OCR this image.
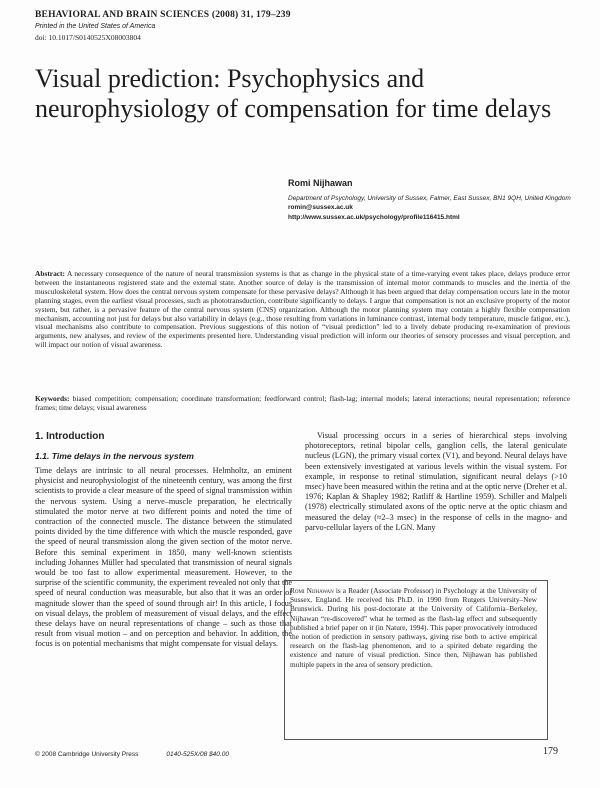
BEHAVIORAL AND BRAIN SCIENCES (2008) 31, 179–239
Printed in the United States of America
doi: 10.1017/S0140525X08003804
Visual prediction: Psychophysics and neurophysiology of compensation for time delays
Romi Nijhawan
Department of Psychology, University of Sussex, Falmer, East Sussex, BN1 9QH, United Kingdom
romin@sussex.ac.uk
http://www.sussex.ac.uk/psychology/profile116415.html
Abstract: A necessary consequence of the nature of neural transmission systems is that as change in the physical state of a time-varying event takes place, delays produce error between the instantaneous registered state and the external state. Another source of delay is the transmission of internal motor commands to muscles and the inertia of the musculoskeletal system. How does the central nervous system compensate for these pervasive delays? Although it has been argued that delay compensation occurs late in the motor planning stages, even the earliest visual processes, such as phototransduction, contribute significantly to delays. I argue that compensation is not an exclusive property of the motor system, but rather, is a pervasive feature of the central nervous system (CNS) organization. Although the motor planning system may contain a highly flexible compensation mechanism, accounting not just for delays but also variability in delays (e.g., those resulting from variations in luminance contrast, internal body temperature, muscle fatigue, etc.), visual mechanisms also contribute to compensation. Previous suggestions of this notion of “visual prediction” led to a lively debate producing re-examination of previous arguments, new analyses, and review of the experiments presented here. Understanding visual prediction will inform our theories of sensory processes and visual perception, and will impact our notion of visual awareness.
Keywords: biased competition; compensation; coordinate transformation; feedforward control; flash-lag; internal models; lateral interactions; neural representation; reference frames; time delays; visual awareness
1. Introduction
1.1. Time delays in the nervous system
Time delays are intrinsic to all neural processes. Helmholtz, an eminent physicist and neurophysiologist of the nineteenth century, was among the first scientists to provide a clear measure of the speed of signal transmission within the nervous system. Using a nerve–muscle preparation, he electrically stimulated the motor nerve at two different points and noted the time of contraction of the connected muscle. The distance between the stimulated points divided by the time difference with which the muscle responded, gave the speed of neural transmission along the given section of the motor nerve. Before this seminal experiment in 1850, many well-known scientists including Johannes Müller had speculated that transmission of neural signals would be too fast to allow experimental measurement. However, to the surprise of the scientific community, the experiment revealed not only that the speed of neural conduction was measurable, but also that it was an order of magnitude slower than the speed of sound through air! In this article, I focus on visual delays, the problem of measurement of visual delays, and the effect these delays have on neural representations of change – such as those that result from visual motion – and on perception and behavior. In addition, the focus is on potential mechanisms that might compensate for visual delays.
Visual processing occurs in a series of hierarchical steps involving photoreceptors, retinal bipolar cells, ganglion cells, the lateral geniculate nucleus (LGN), the primary visual cortex (V1), and beyond. Neural delays have been extensively investigated at various levels within the visual system. For example, in response to retinal stimulation, significant neural delays (>10 msec) have been measured within the retina and at the optic nerve (Dreher et al. 1976; Kaplan & Shapley 1982; Ratliff & Hartline 1959). Schiller and Malpeli (1978) electrically stimulated axons of the optic nerve at the optic chiasm and measured the delay (≈2–3 msec) in the response of cells in the magno- and parvo-cellular layers of the LGN. Many
Romi Nijhawan is a Reader (Associate Professor) in Psychology at the University of Sussex, England. He received his Ph.D. in 1990 from Rutgers University–New Brunswick. During his post-doctorate at the University of California–Berkeley, Nijhawan “re-discovered” what he termed as the flash-lag effect and subsequently published a brief paper on it (in Nature, 1994). This paper provocatively introduced the notion of prediction in sensory pathways, giving rise both to active empirical research on the flash-lag phenomenon, and to a spirited debate regarding the existence and nature of visual prediction. Since then, Nijhawan has published multiple papers in the area of sensory prediction.
© 2008 Cambridge University Press	0140-525X/08 $40.00	179
